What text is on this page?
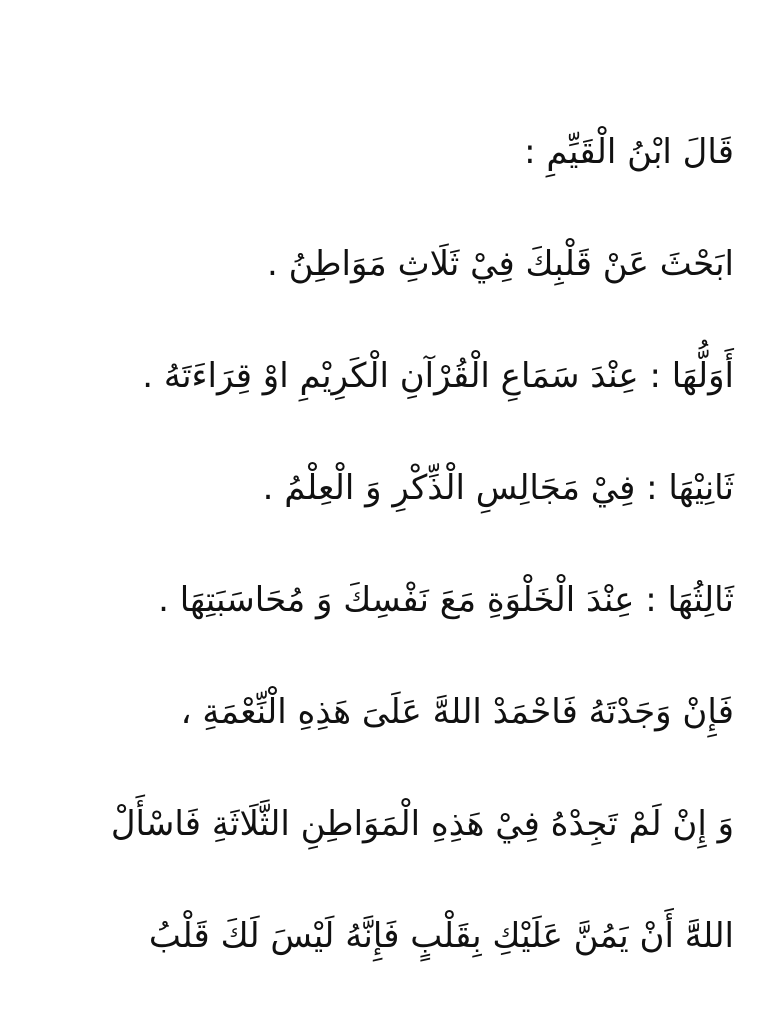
قَالَ ابْنُ الْقَيِّمِ :
ابَحْثَ عَنْ قَلْبِكَ فِيْ ثَلَاثِ مَوَاطِنُ .
أَوَلُّهَا : عِنْدَ سَمَاعِ الْقُرْآنِ الْكَرِيْمِ اوْ قِرَاءَتَهُ .
ثَانِيْهَا : فِيْ مَجَالِسِ الْذِّكْرِ وَ الْعِلْمُ .
ثَالِثُهَا : عِنْدَ الْخَلْوَةِ مَعَ نَفْسِكَ وَ مُحَاسَبَتِهَا .
فَإِنْ وَجَدْتَهُ فَاحْمَدْ اللهَّ عَلَىَ هَذِهِ الْنِّعْمَةِ ،
وَ إِنْ لَمْ تَجِدْهُ فِيْ هَذِهِ الْمَوَاطِنِ الثَّلَاثَةِ فَاسْأَلْ
اللهََّ أَنْ يَمُنَّ عَلَيْكِ بِقَلْبٍ فَإِنَّهُ لَيْسَ لَكَ قَلْبُ
